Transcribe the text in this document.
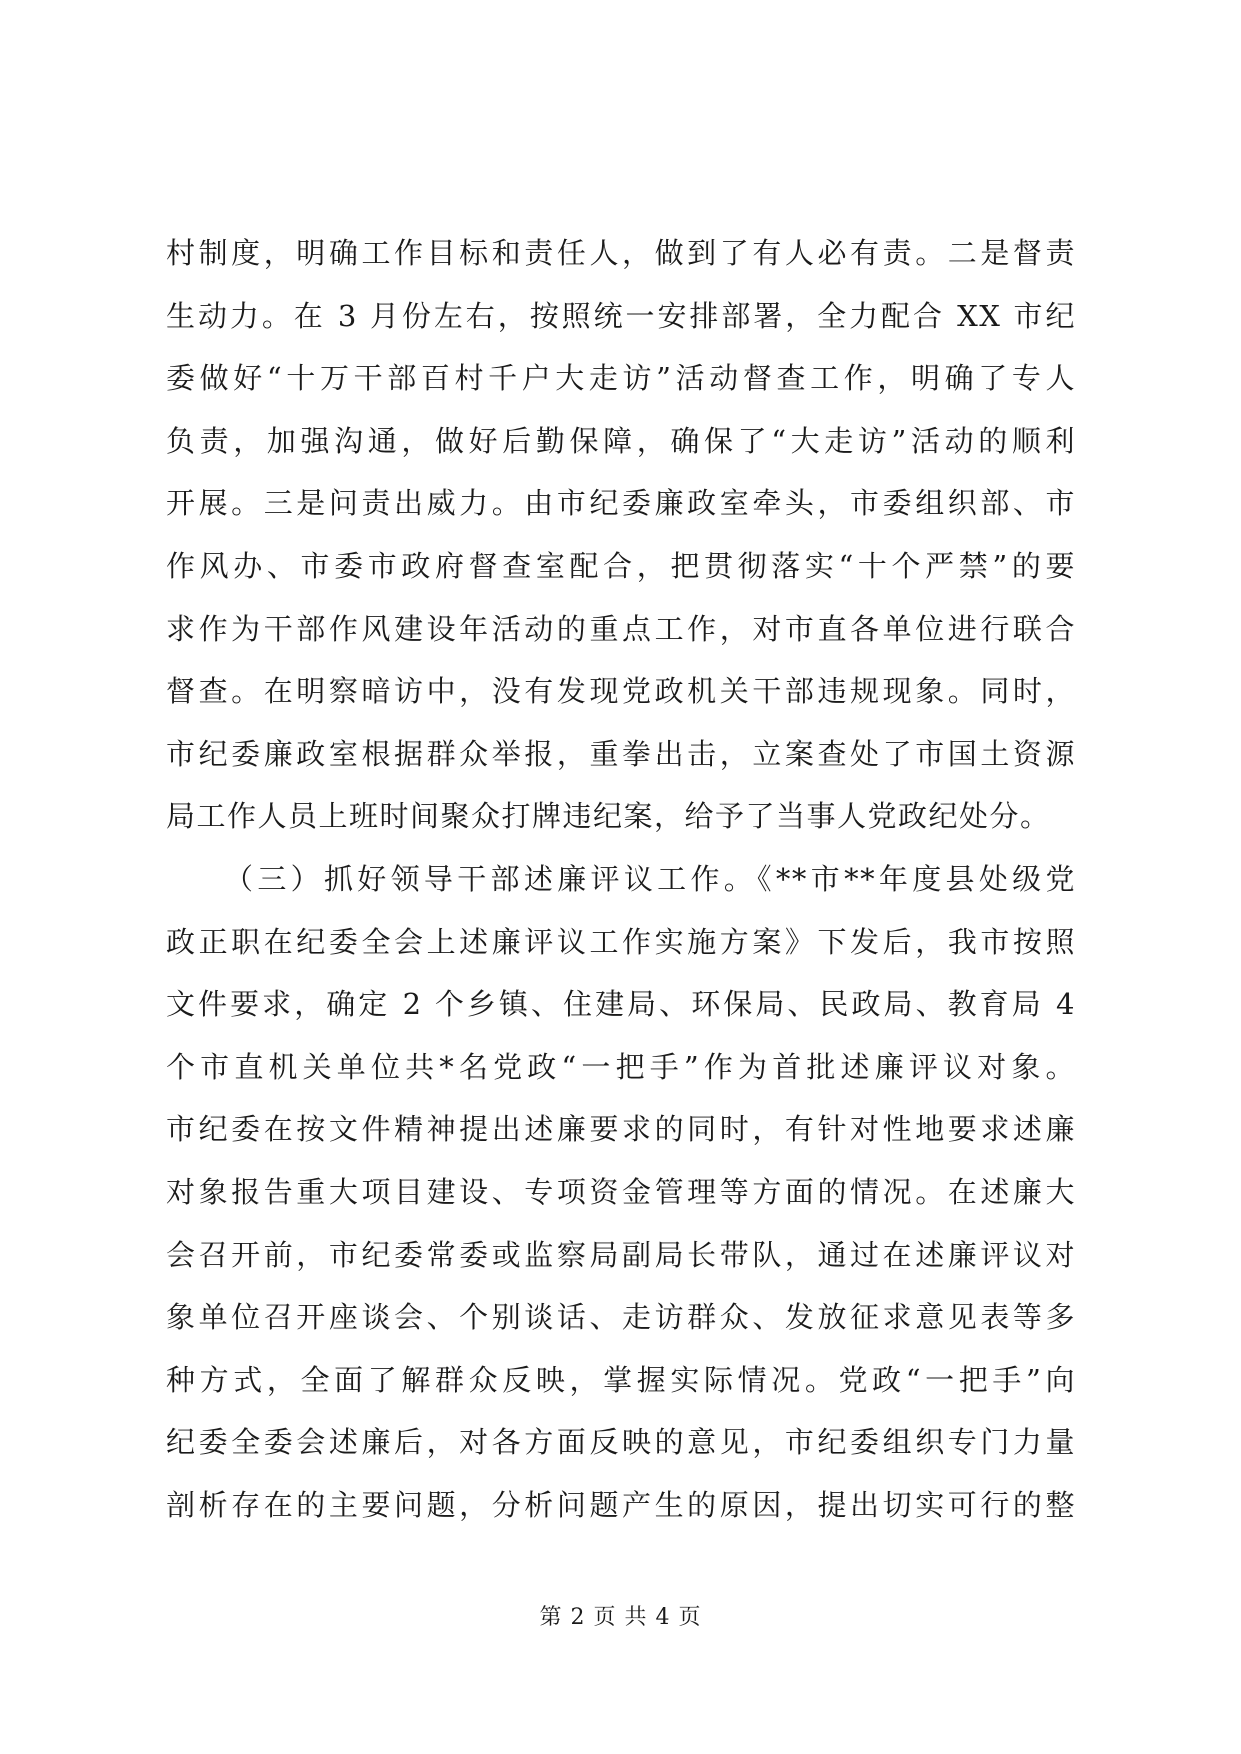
村制度，明确工作目标和责任人，做到了有人必有责。二是督责
生动力。在 3 月份左右，按照统一安排部署，全力配合 XX 市纪
委做好“十万干部百村千户大走访”活动督查工作，明确了专人
负责，加强沟通，做好后勤保障，确保了“大走访”活动的顺利
开展。三是问责出威力。由市纪委廉政室牵头，市委组织部、市
作风办、市委市政府督查室配合，把贯彻落实“十个严禁”的要
求作为干部作风建设年活动的重点工作，对市直各单位进行联合
督查。在明察暗访中，没有发现党政机关干部违规现象。同时，
市纪委廉政室根据群众举报，重拳出击，立案查处了市国土资源
局工作人员上班时间聚众打牌违纪案，给予了当事人党政纪处分。
（三）抓好领导干部述廉评议工作。《**市**年度县处级党
政正职在纪委全会上述廉评议工作实施方案》下发后，我市按照
文件要求，确定 2 个乡镇、住建局、环保局、民政局、教育局 4
个市直机关单位共*名党政“一把手”作为首批述廉评议对象。
市纪委在按文件精神提出述廉要求的同时，有针对性地要求述廉
对象报告重大项目建设、专项资金管理等方面的情况。在述廉大
会召开前，市纪委常委或监察局副局长带队，通过在述廉评议对
象单位召开座谈会、个别谈话、走访群众、发放征求意见表等多
种方式，全面了解群众反映，掌握实际情况。党政“一把手”向
纪委全委会述廉后，对各方面反映的意见，市纪委组织专门力量
剖析存在的主要问题，分析问题产生的原因，提出切实可行的整
第 2 页 共 4 页
